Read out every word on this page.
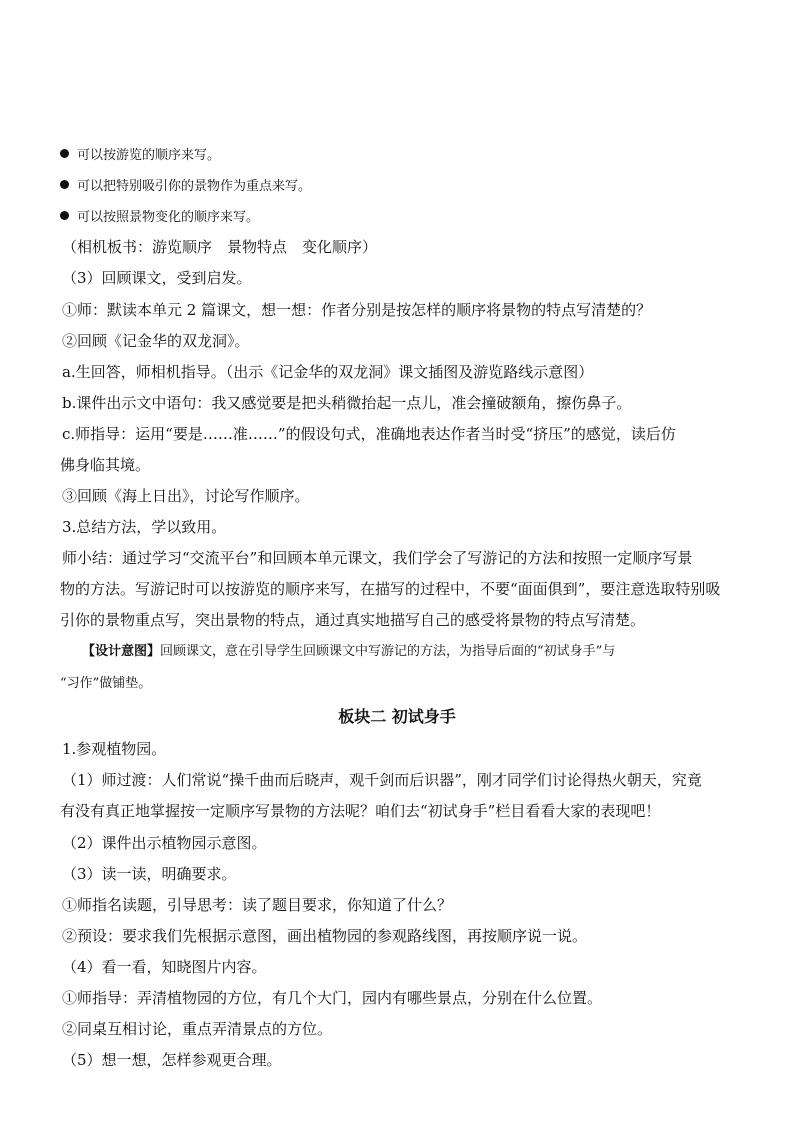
可以按游览的顺序来写。
可以把特别吸引你的景物作为重点来写。
可以按照景物变化的顺序来写。
（相机板书：游览顺序　景物特点　变化顺序）
（3）回顾课文，受到启发。
①师：默读本单元 2 篇课文，想一想：作者分别是按怎样的顺序将景物的特点写清楚的？
②回顾《记金华的双龙洞》。
a.生回答，师相机指导。（出示《记金华的双龙洞》课文插图及游览路线示意图）
b.课件出示文中语句：我又感觉要是把头稍微抬起一点儿，准会撞破额角，擦伤鼻子。
c.师指导：运用“要是……准……”的假设句式，准确地表达作者当时受“挤压”的感觉，读后仿
佛身临其境。
③回顾《海上日出》，讨论写作顺序。
3.总结方法，学以致用。
师小结：通过学习“交流平台”和回顾本单元课文，我们学会了写游记的方法和按照一定顺序写景
物的方法。写游记时可以按游览的顺序来写，在描写的过程中，不要“面面俱到”，要注意选取特别吸
引你的景物重点写，突出景物的特点，通过真实地描写自己的感受将景物的特点写清楚。
【设计意图】回顾课文，意在引导学生回顾课文中写游记的方法，为指导后面的“初试身手”与
“习作”做铺垫。
板块二 初试身手
1.参观植物园。
（1）师过渡：人们常说“操千曲而后晓声，观千剑而后识器”，刚才同学们讨论得热火朝天，究竟
有没有真正地掌握按一定顺序写景物的方法呢？咱们去“初试身手”栏目看看大家的表现吧！
（2）课件出示植物园示意图。
（3）读一读，明确要求。
①师指名读题，引导思考：读了题目要求，你知道了什么？
②预设：要求我们先根据示意图，画出植物园的参观路线图，再按顺序说一说。
（4）看一看，知晓图片内容。
①师指导：弄清植物园的方位，有几个大门，园内有哪些景点，分别在什么位置。
②同桌互相讨论，重点弄清景点的方位。
（5）想一想，怎样参观更合理。
